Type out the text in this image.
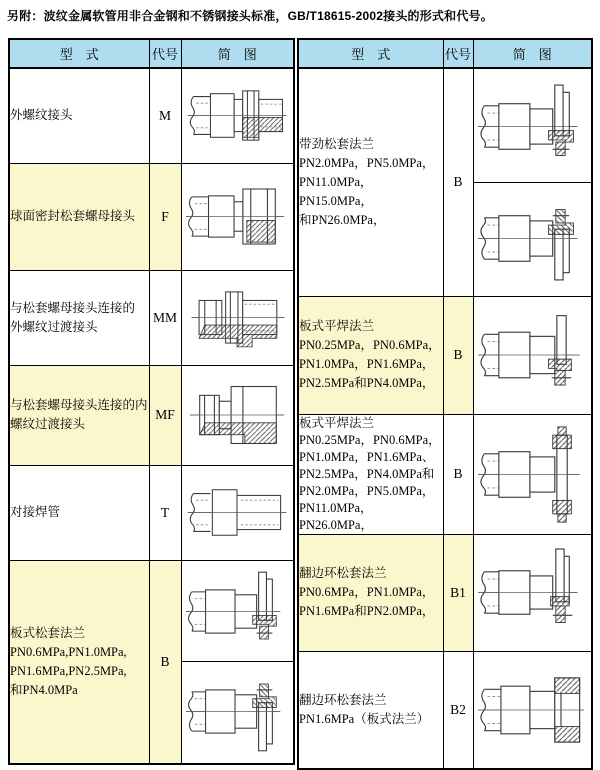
另附：波纹金属软管用非合金钢和不锈钢接头标准，GB/T18615-2002接头的形式和代号。
型　式	代号	简　图

外螺纹接头	M	

球面密封松套螺母接头	F	

与松套螺母接头连接的
外螺纹过渡接头	MM	

与松套螺母接头连接的内
螺纹过渡接头	MF	

对接焊管	T	

板式松套法兰
PN0.6MPa,PN1.0MPa,
PN1.6MPa,PN2.5MPa,
和PN4.0MPa	B	
型　式	代号	简　图

带劲松套法兰
PN2.0MPa，PN5.0MPa，
PN11.0MPa，PN15.0MPa，
和PN26.0MPa，	B	

板式平焊法兰
PN0.25MPa，PN0.6MPa，
PN1.0MPa，PN1.6MPa，
PN2.5MPa和PN4.0MPa，	B	

板式平焊法兰
PN0.25MPa，PN0.6MPa，
PN1.0MPa，PN1.6MPa、
PN2.5MPa，PN4.0MPa和
PN2.0MPa，PN5.0MPa，
PN11.0MPa，PN26.0MPa，
	B	

翻边环松套法兰
PN0.6MPa，PN1.0MPa，
PN1.6MPa和PN2.0MPa，	B1	

翻边环松套法兰
PN1.6MPa（板式法兰）	B2	
